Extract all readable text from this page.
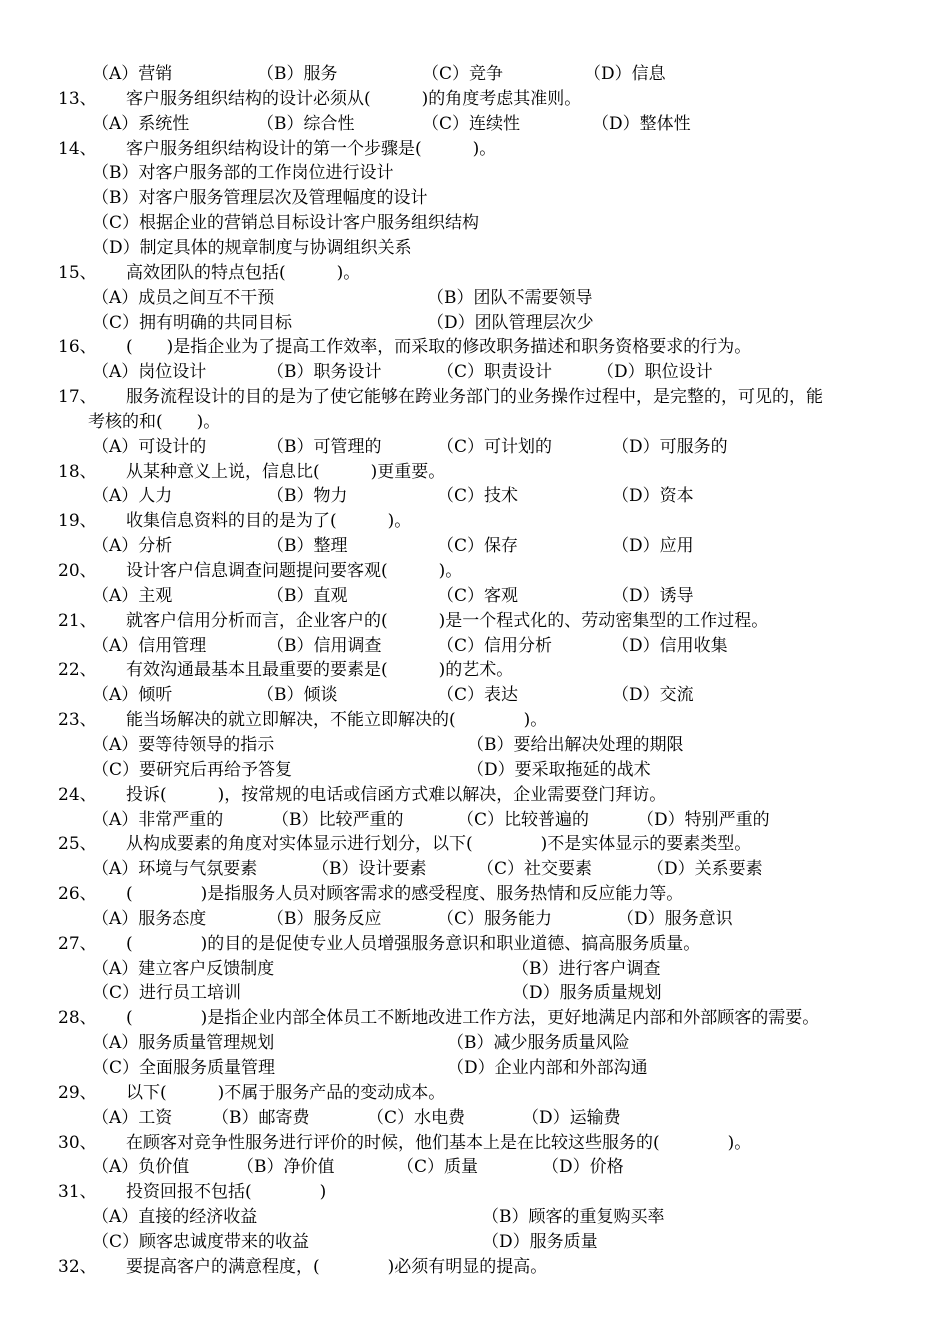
（A）营销	（B）服务	（C）竞争	（D）信息
13、 客户服务组织结构的设计必须从(　　　)的角度考虑其准则。
（A）系统性	（B）综合性	（C）连续性	（D）整体性
14、 客户服务组织结构设计的第一个步骤是(　　　)。
（B）对客户服务部的工作岗位进行设计
（B）对客户服务管理层次及管理幅度的设计
（C）根据企业的营销总目标设计客户服务组织结构
（D）制定具体的规章制度与协调组织关系
15、 高效团队的特点包括(　　　)。
（A）成员之间互不干预	（B）团队不需要领导
（C）拥有明确的共同目标	（D）团队管理层次少
16、 (　　)是指企业为了提高工作效率，而采取的修改职务描述和职务资格要求的行为。
（A）岗位设计	（B）职务设计	（C）职责设计	（D）职位设计
17、 服务流程设计的目的是为了使它能够在跨业务部门的业务操作过程中，是完整的，可见的，能
考核的和(　　)。
（A）可设计的	（B）可管理的	（C）可计划的	（D）可服务的
18、 从某种意义上说，信息比(　　　)更重要。
（A）人力	（B）物力	（C）技术	（D）资本
19、 收集信息资料的目的是为了(　　　)。
（A）分析	（B）整理	（C）保存	（D）应用
20、 设计客户信息调查问题提问要客观(　　　)。
（A）主观	（B）直观	（C）客观	（D）诱导
21、 就客户信用分析而言，企业客户的(　　　)是一个程式化的、劳动密集型的工作过程。
（A）信用管理	（B）信用调查	（C）信用分析	（D）信用收集
22、 有效沟通最基本且最重要的要素是(　　　)的艺术。
（A）倾听	（B）倾谈	（C）表达	（D）交流
23、 能当场解决的就立即解决，不能立即解决的(　　　　)。
（A）要等待领导的指示	（B）要给出解决处理的期限
（C）要研究后再给予答复	（D）要采取拖延的战术
24、 投诉(　　　)，按常规的电话或信函方式难以解决，企业需要登门拜访。
（A）非常严重的	（B）比较严重的	（C）比较普遍的	（D）特别严重的
25、 从构成要素的角度对实体显示进行划分，以下(　　　　)不是实体显示的要素类型。
（A）环境与气氛要素	（B）设计要素	（C）社交要素	（D）关系要素
26、 (　　　　)是指服务人员对顾客需求的感受程度、服务热情和反应能力等。
（A）服务态度	（B）服务反应	（C）服务能力	（D）服务意识
27、 (　　　　)的目的是促使专业人员增强服务意识和职业道德、搞高服务质量。
（A）建立客户反馈制度	（B）进行客户调查
（C）进行员工培训	（D）服务质量规划
28、 (　　　　)是指企业内部全体员工不断地改进工作方法，更好地满足内部和外部顾客的需要。
（A）服务质量管理规划	（B）减少服务质量风险
（C）全面服务质量管理	（D）企业内部和外部沟通
29、 以下(　　　)不属于服务产品的变动成本。
（A）工资 （B）邮寄费	（C）水电费	（D）运输费
30、 在顾客对竞争性服务进行评价的时候，他们基本上是在比较这些服务的(　　　　)。
（A）负价值	（B）净价值	（C）质量	（D）价格
31、 投资回报不包括(　　　　)
（A）直接的经济收益	（B）顾客的重复购买率
（C）顾客忠诚度带来的收益	（D）服务质量
32、 要提高客户的满意程度，(　　　　)必须有明显的提高。
